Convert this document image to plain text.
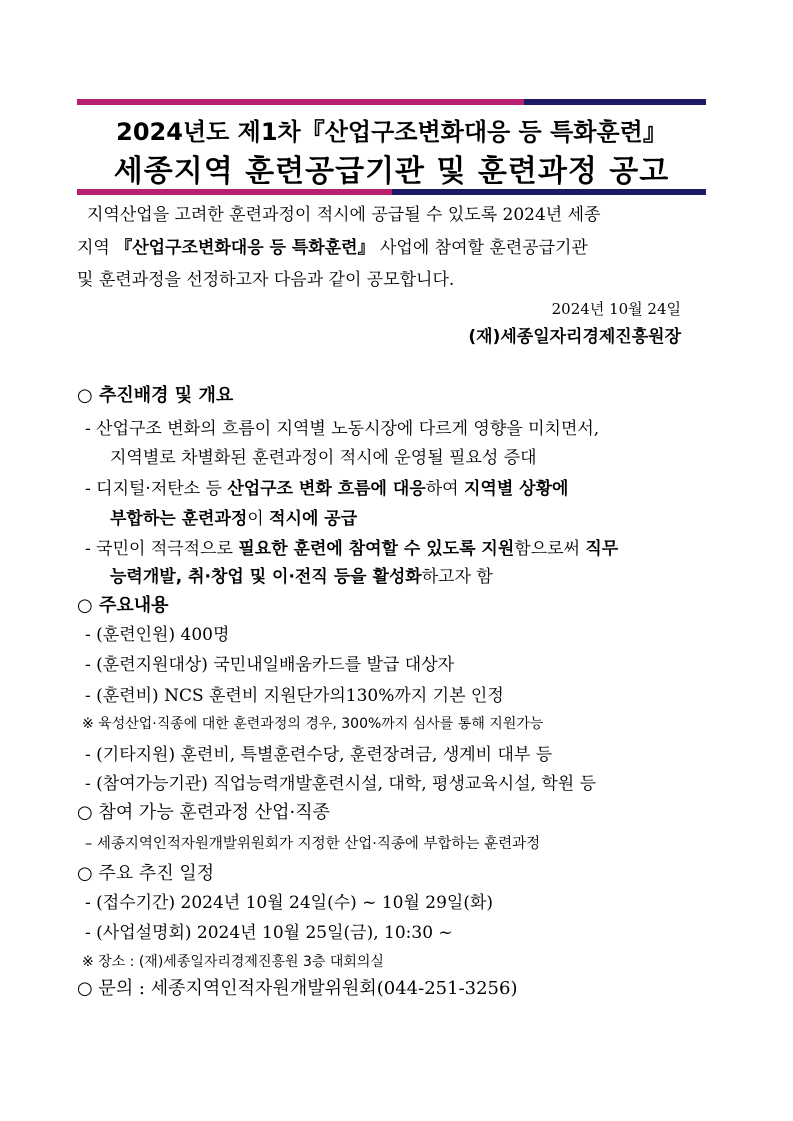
2024년도 제1차『산업구조변화대응 등 특화훈련』
세종지역 훈련공급기관 및 훈련과정 공고
지역산업을 고려한 훈련과정이 적시에 공급될 수 있도록 2024년 세종
지역 『산업구조변화대응 등 특화훈련』 사업에 참여할 훈련공급기관
및 훈련과정을 선정하고자 다음과 같이 공모합니다.
2024년 10월 24일
(재)세종일자리경제진흥원장
○ 추진배경 및 개요
- 산업구조 변화의 흐름이 지역별 노동시장에 다르게 영향을 미치면서,
지역별로 차별화된 훈련과정이 적시에 운영될 필요성 증대
- 디지털·저탄소 등 산업구조 변화 흐름에 대응하여 지역별 상황에
부합하는 훈련과정이 적시에 공급
- 국민이 적극적으로 필요한 훈련에 참여할 수 있도록 지원함으로써 직무
능력개발, 취·창업 및 이·전직 등을 활성화하고자 함
○ 주요내용
- (훈련인원) 400명
- (훈련지원대상) 국민내일배움카드를 발급 대상자
- (훈련비) NCS 훈련비 지원단가의130%까지 기본 인정
※ 육성산업·직종에 대한 훈련과정의 경우, 300%까지 심사를 통해 지원가능
- (기타지원) 훈련비, 특별훈련수당, 훈련장려금, 생계비 대부 등
- (참여가능기관) 직업능력개발훈련시설, 대학, 평생교육시설, 학원 등
○ 참여 가능 훈련과정 산업·직종
– 세종지역인적자원개발위원회가 지정한 산업·직종에 부합하는 훈련과정
○ 주요 추진 일정
- (접수기간) 2024년 10월 24일(수) ~ 10월 29일(화)
- (사업설명회) 2024년 10월 25일(금), 10:30 ~
※ 장소 : (재)세종일자리경제진흥원 3층 대회의실
○ 문의 : 세종지역인적자원개발위원회(044-251-3256)
